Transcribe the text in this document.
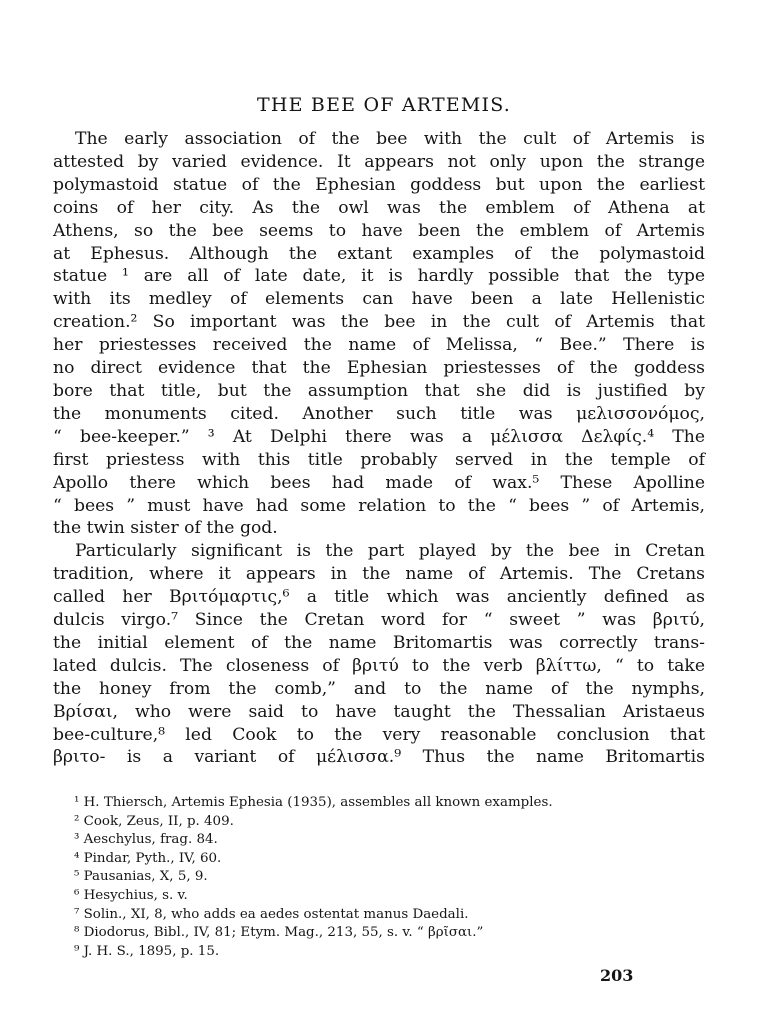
THE BEE OF ARTEMIS.
The early association of the bee with the cult of Artemis is
attested by varied evidence. It appears not only upon the strange
polymastoid statue of the Ephesian goddess but upon the earliest
coins of her city. As the owl was the emblem of Athena at
Athens, so the bee seems to have been the emblem of Artemis
at Ephesus. Although the extant examples of the polymastoid
statue ¹ are all of late date, it is hardly possible that the type
with its medley of elements can have been a late Hellenistic
creation.² So important was the bee in the cult of Artemis that
her priestesses received the name of Melissa, “ Bee.” There is
no direct evidence that the Ephesian priestesses of the goddess
bore that title, but the assumption that she did is justified by
the monuments cited. Another such title was μελισσονόμος,
“ bee-keeper.” ³ At Delphi there was a μέλισσα Δελφίς.⁴ The
first priestess with this title probably served in the temple of
Apollo there which bees had made of wax.⁵ These Apolline
“ bees ” must have had some relation to the “ bees ” of Artemis,
the twin sister of the god.
Particularly significant is the part played by the bee in Cretan
tradition, where it appears in the name of Artemis. The Cretans
called her Βριτόμαρτις,⁶ a title which was anciently defined as
dulcis virgo.⁷ Since the Cretan word for “ sweet ” was βριτύ,
the initial element of the name Britomartis was correctly trans-
lated dulcis. The closeness of βριτύ to the verb βλίττω, “ to take
the honey from the comb,” and to the name of the nymphs,
Βρίσαι, who were said to have taught the Thessalian Aristaeus
bee-culture,⁸ led Cook to the very reasonable conclusion that
βριτο- is a variant of μέλισσα.⁹ Thus the name Britomartis
¹ H. Thiersch, Artemis Ephesia (1935), assembles all known examples.
² Cook, Zeus, II, p. 409.
³ Aeschylus, frag. 84.
⁴ Pindar, Pyth., IV, 60.
⁵ Pausanias, X, 5, 9.
⁶ Hesychius, s. v.
⁷ Solin., XI, 8, who adds ea aedes ostentat manus Daedali.
⁸ Diodorus, Bibl., IV, 81; Etym. Mag., 213, 55, s. v. “ βρῖσαι.”
⁹ J. H. S., 1895, p. 15.
203
